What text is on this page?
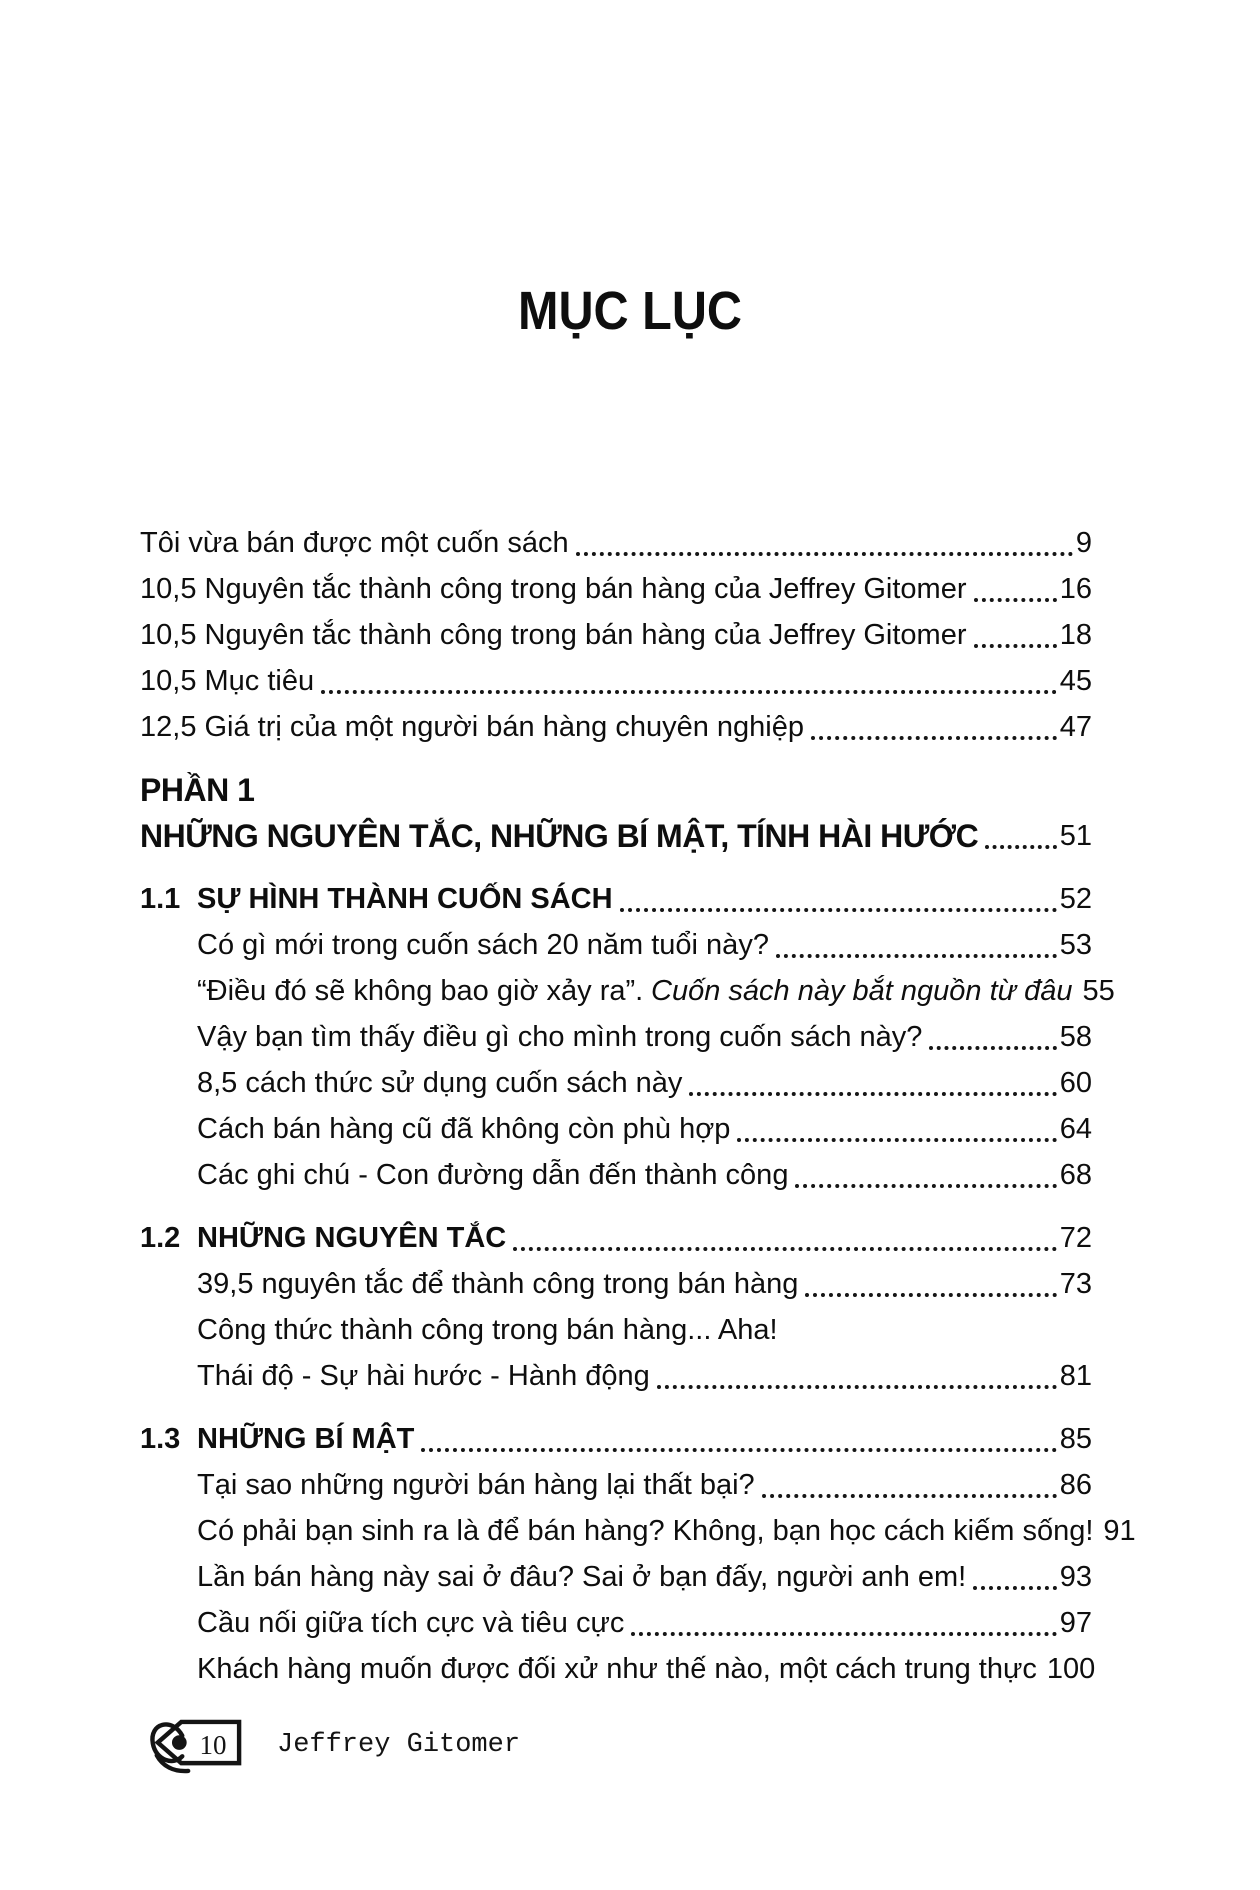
MỤC LỤC
Tôi vừa bán được một cuốn sách	9
10,5 Nguyên tắc thành công trong bán hàng của Jeffrey Gitomer	16
10,5 Nguyên tắc thành công trong bán hàng của Jeffrey Gitomer	18
10,5 Mục tiêu	45
12,5 Giá trị của một người bán hàng chuyên nghiệp	47
PHẦN 1
NHỮNG NGUYÊN TẮC, NHỮNG BÍ MẬT, TÍNH HÀI HƯỚC	51
1.1 SỰ HÌNH THÀNH CUỐN SÁCH	52
Có gì mới trong cuốn sách 20 năm tuổi này?	53
“Điều đó sẽ không bao giờ xảy ra”. Cuốn sách này bắt nguồn từ đâu 55
Vậy bạn tìm thấy điều gì cho mình trong cuốn sách này?	58
8,5 cách thức sử dụng cuốn sách này	60
Cách bán hàng cũ đã không còn phù hợp	64
Các ghi chú - Con đường dẫn đến thành công	68
1.2 NHỮNG NGUYÊN TẮC	72
39,5 nguyên tắc để thành công trong bán hàng	73
Công thức thành công trong bán hàng... Aha!
Thái độ - Sự hài hước - Hành động	81
1.3 NHỮNG BÍ MẬT	85
Tại sao những người bán hàng lại thất bại?	86
Có phải bạn sinh ra là để bán hàng? Không, bạn học cách kiếm sống! 91
Lần bán hàng này sai ở đâu? Sai ở bạn đấy, người anh em!	93
Cầu nối giữa tích cực và tiêu cực	97
Khách hàng muốn được đối xử như thế nào, một cách trung thực 100
10	Jeffrey Gitomer
